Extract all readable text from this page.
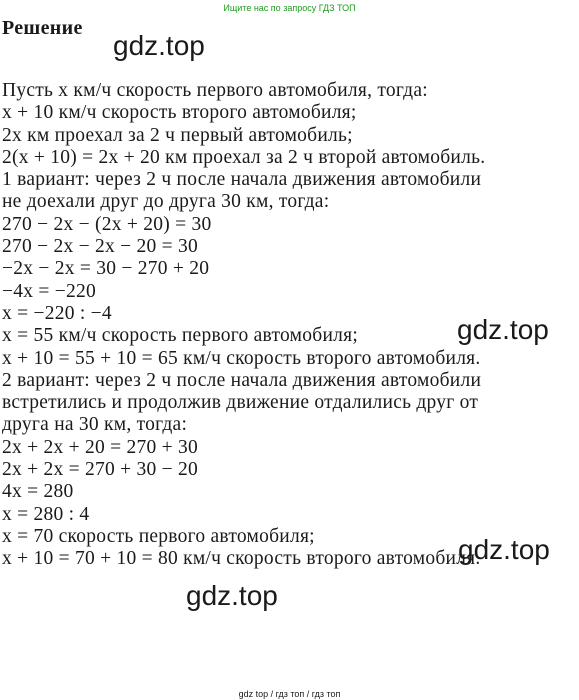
Ищите нас по запросу ГДЗ ТОП
Решение
gdz.top
gdz.top
gdz.top
gdz.top
Пусть x км/ч скорость первого автомобиля, тогда:
x + 10 км/ч скорость второго автомобиля;
2x км проехал за 2 ч первый автомобиль;
2(x + 10) = 2x + 20 км проехал за 2 ч второй автомобиль.
1 вариант: через 2 ч после начала движения автомобили
не доехали друг до друга 30 км, тогда:
270 − 2x − (2x + 20) = 30
270 − 2x − 2x − 20 = 30
−2x − 2x = 30 − 270 + 20
−4x = −220
x = −220 : −4
x = 55 км/ч скорость первого автомобиля;
x + 10 = 55 + 10 = 65 км/ч скорость второго автомобиля.
2 вариант: через 2 ч после начала движения автомобили
встретились и продолжив движение отдалились друг от
друга на 30 км, тогда:
2x + 2x + 20 = 270 + 30
2x + 2x = 270 + 30 − 20
4x = 280
x = 280 : 4
x = 70 скорость первого автомобиля;
x + 10 = 70 + 10 = 80 км/ч скорость второго автомобиля.
gdz top / гдз топ / гдз топ
